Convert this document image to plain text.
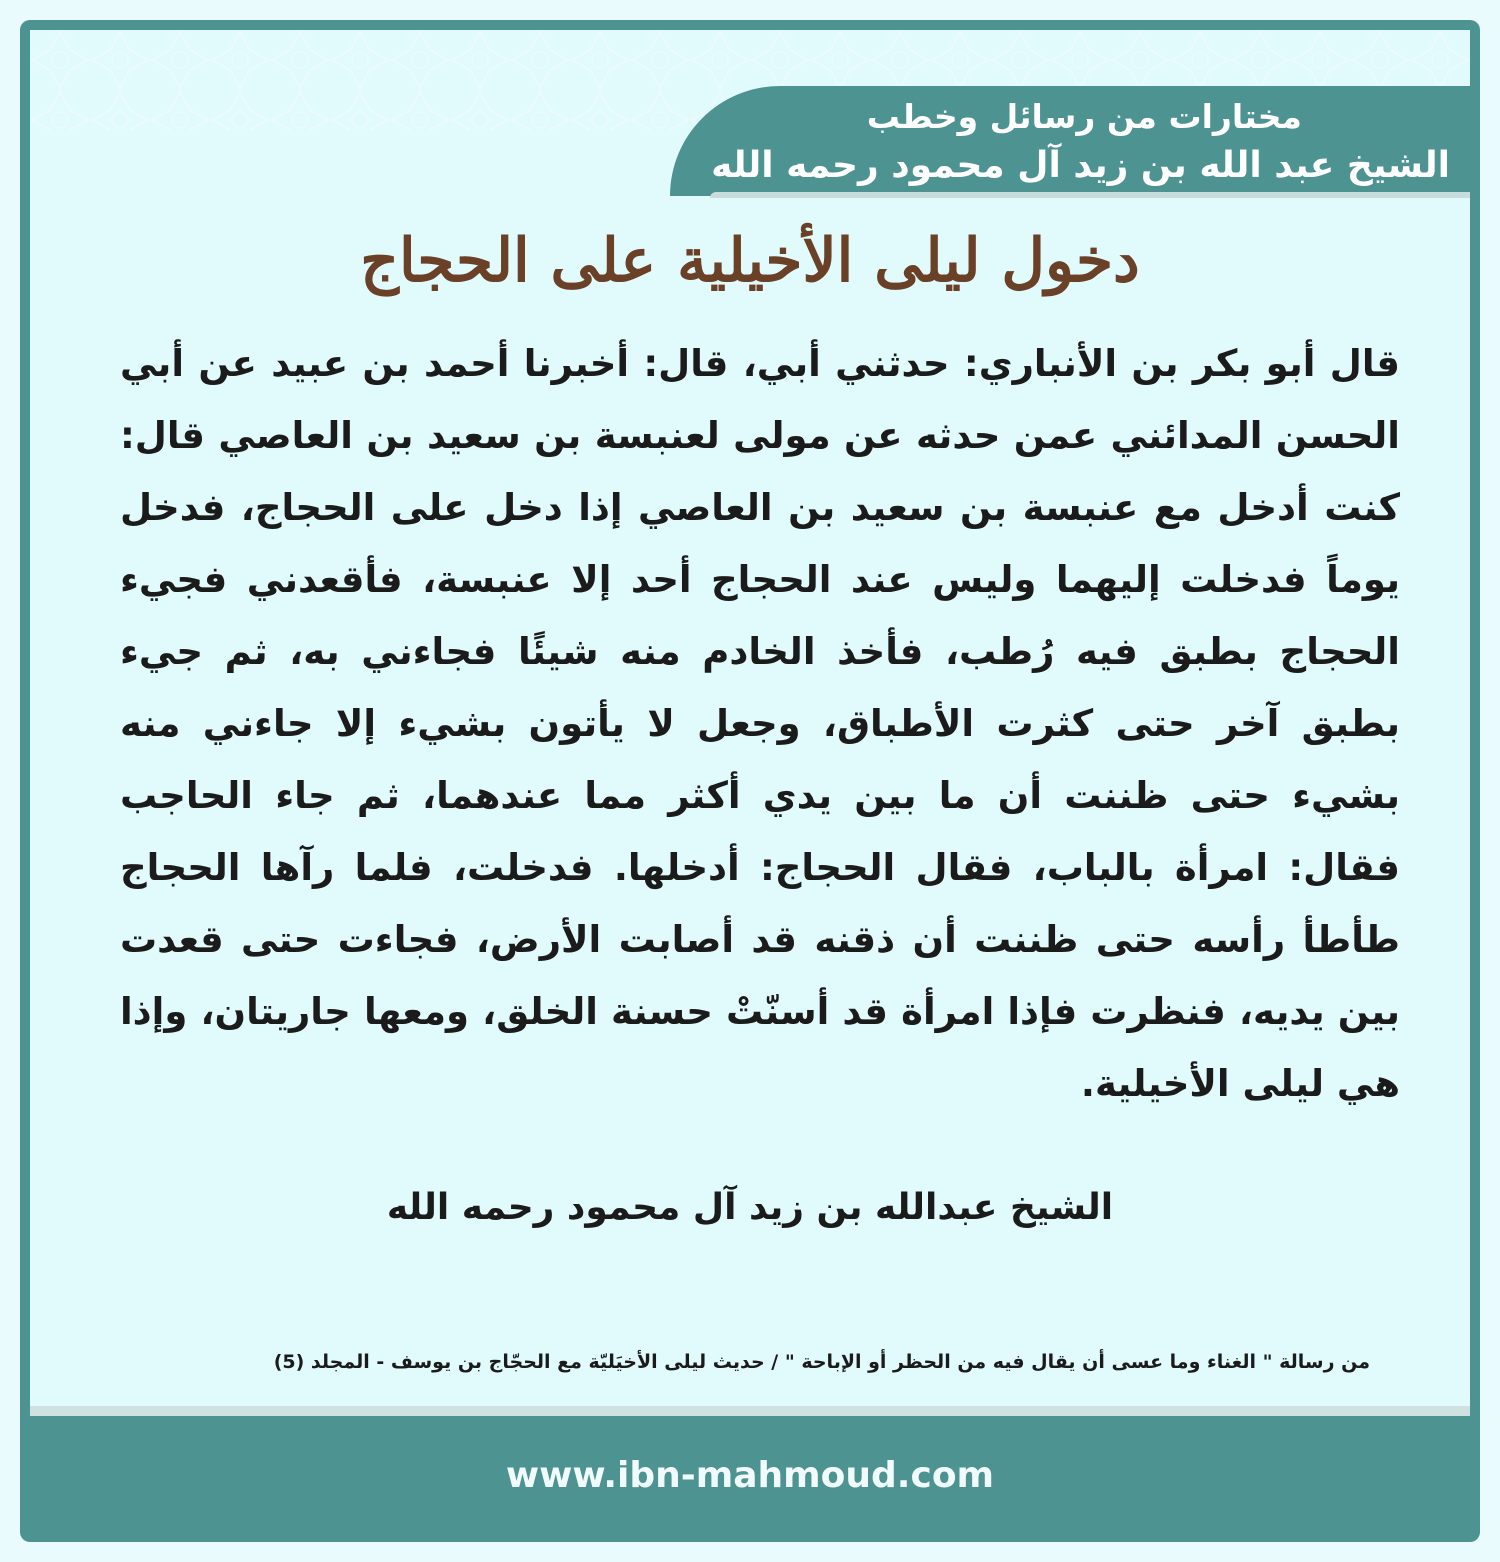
مختارات من رسائل وخطب
الشيخ عبد الله بن زيد آل محمود رحمه الله
دخول ليلى الأخيلية على الحجاج
قال أبو بكر بن الأنباري: حدثني أبي، قال: أخبرنا أحمد بن عبيد عن أبي الحسن المدائني عمن حدثه عن مولى لعنبسة بن سعيد بن العاصي قال: كنت أدخل مع عنبسة بن سعيد بن العاصي إذا دخل على الحجاج، فدخل يوماً فدخلت إليهما وليس عند الحجاج أحد إلا عنبسة، فأقعدني فجيء الحجاج بطبق فيه رُطب، فأخذ الخادم منه شيئًا فجاءني به، ثم جيء بطبق آخر حتى كثرت الأطباق، وجعل لا يأتون بشيء إلا جاءني منه بشيء حتى ظننت أن ما بين يدي أكثر مما عندهما، ثم جاء الحاجب فقال: امرأة بالباب، فقال الحجاج: أدخلها. فدخلت، فلما رآها الحجاج طأطأ رأسه حتى ظننت أن ذقنه قد أصابت الأرض، فجاءت حتى قعدت بين يديه، فنظرت فإذا امرأة قد أسنّتْ حسنة الخلق، ومعها جاريتان، وإذا هي ليلى الأخيلية.
الشيخ عبدالله بن زيد آل محمود رحمه الله
من رسالة " الغناء وما عسى أن يقال فيه من الحظر أو الإباحة " / حديث ليلى الأخيَليّة مع الحجّاج بن يوسف - المجلد (5)
www.ibn-mahmoud.com
